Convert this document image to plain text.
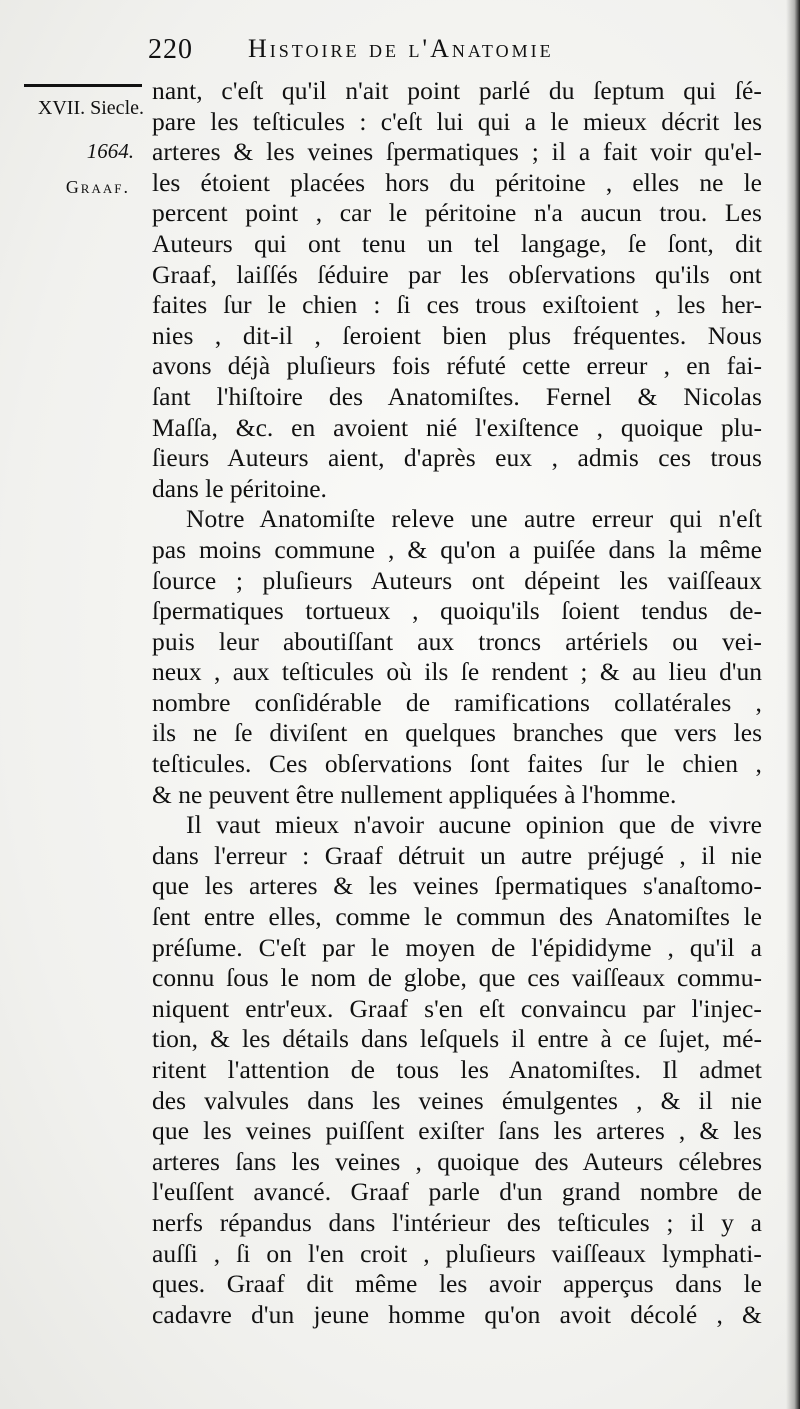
220 Histoire de l'Anatomie
XVII. Siecle.
1664.
Graaf.
nant, c'eſt qu'il n'ait point parlé du ſeptum qui ſé-
pare les teſticules : c'eſt lui qui a le mieux décrit les
arteres & les veines ſpermatiques ; il a fait voir qu'el-
les étoient placées hors du péritoine , elles ne le
percent point , car le péritoine n'a aucun trou. Les
Auteurs qui ont tenu un tel langage, ſe ſont, dit
Graaf, laiſſés ſéduire par les obſervations qu'ils ont
faites ſur le chien : ſi ces trous exiſtoient , les her-
nies , dit-il , ſeroient bien plus fréquentes. Nous
avons déjà pluſieurs fois réfuté cette erreur , en fai-
ſant l'hiſtoire des Anatomiſtes. Fernel & Nicolas
Maſſa, &c. en avoient nié l'exiſtence , quoique plu-
ſieurs Auteurs aient, d'après eux , admis ces trous
dans le péritoine.
Notre Anatomiſte releve une autre erreur qui n'eſt
pas moins commune , & qu'on a puiſée dans la même
ſource ; pluſieurs Auteurs ont dépeint les vaiſſeaux
ſpermatiques tortueux , quoiqu'ils ſoient tendus de-
puis leur aboutiſſant aux troncs artériels ou vei-
neux , aux teſticules où ils ſe rendent ; & au lieu d'un
nombre conſidérable de ramifications collatérales ,
ils ne ſe diviſent en quelques branches que vers les
teſticules. Ces obſervations ſont faites ſur le chien ,
& ne peuvent être nullement appliquées à l'homme.
Il vaut mieux n'avoir aucune opinion que de vivre
dans l'erreur : Graaf détruit un autre préjugé , il nie
que les arteres & les veines ſpermatiques s'anaſtomo-
ſent entre elles, comme le commun des Anatomiſtes le
préſume. C'eſt par le moyen de l'épididyme , qu'il a
connu ſous le nom de globe, que ces vaiſſeaux commu-
niquent entr'eux. Graaf s'en eſt convaincu par l'injec-
tion, & les détails dans leſquels il entre à ce ſujet, mé-
ritent l'attention de tous les Anatomiſtes. Il admet
des valvules dans les veines émulgentes , & il nie
que les veines puiſſent exiſter ſans les arteres , & les
arteres ſans les veines , quoique des Auteurs célebres
l'euſſent avancé. Graaf parle d'un grand nombre de
nerfs répandus dans l'intérieur des teſticules ; il y a
auſſi , ſi on l'en croit , pluſieurs vaiſſeaux lymphati-
ques. Graaf dit même les avoir apperçus dans le
cadavre d'un jeune homme qu'on avoit décolé , &
